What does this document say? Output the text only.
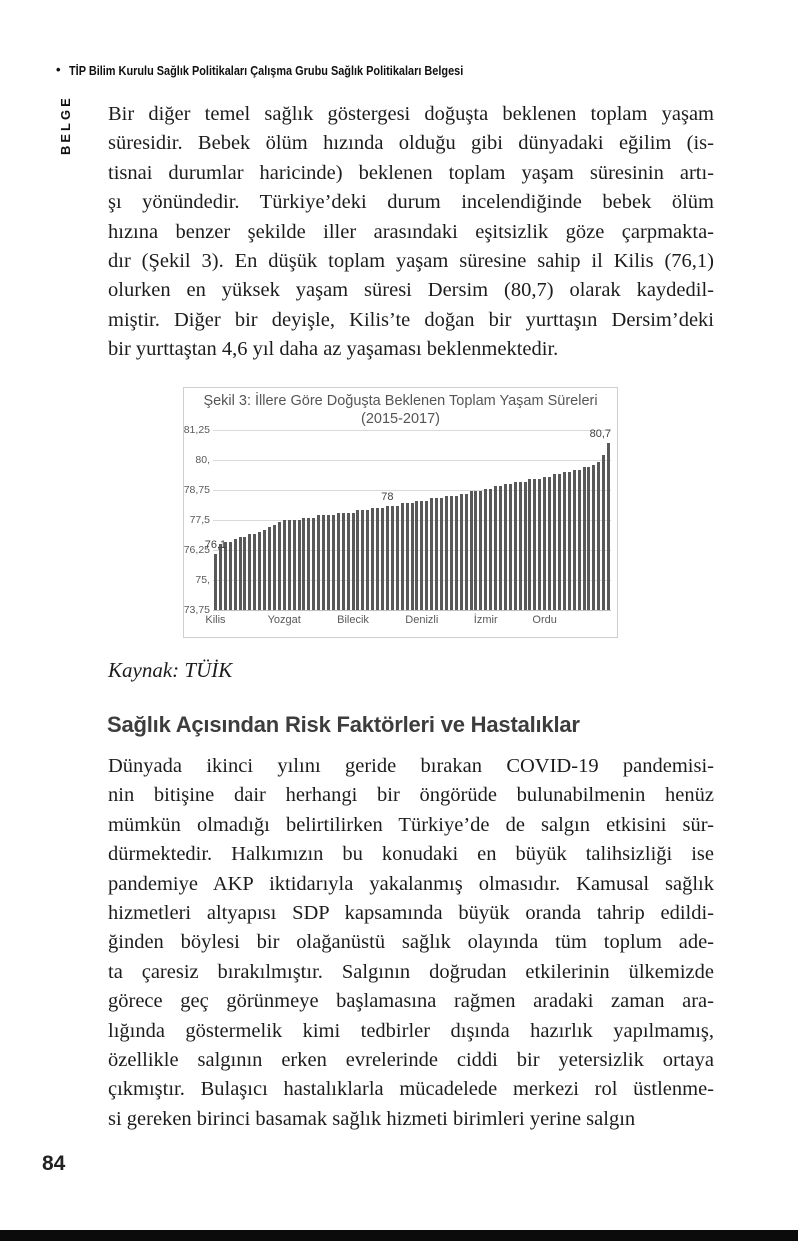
• TİP Bilim Kurulu Sağlık Politikaları Çalışma Grubu Sağlık Politikaları Belgesi
BELGE Bir diğer temel sağlık göstergesi doğuşta beklenen toplam yaşam
süresidir. Bebek ölüm hızında olduğu gibi dünyadaki eğilim (is-
tisnai durumlar haricinde) beklenen toplam yaşam süresinin artı-
şı yönündedir. Türkiye’deki durum incelendiğinde bebek ölüm
hızına benzer şekilde iller arasındaki eşitsizlik göze çarpmakta-
dır (Şekil 3). En düşük toplam yaşam süresine sahip il Kilis (76,1)
olurken en yüksek yaşam süresi Dersim (80,7) olarak kaydedil-
miştir. Diğer bir deyişle, Kilis’te doğan bir yurttaşın Dersim’deki
bir yurttaştan 4,6 yıl daha az yaşaması beklenmektedir.
Şekil 3: İllere Göre Doğuşta Beklenen Toplam Yaşam Süreleri
(2015-2017)
81,25
80,
78,75
77,5
76,25
75,
73,75
Kilis	Yozgat	Bilecik	Denizli	İzmir	Ordu
76,1
78
80,7
Kaynak: TÜİK
Sağlık Açısından Risk Faktörleri ve Hastalıklar
Dünyada ikinci yılını geride bırakan COVID-19 pandemisi-
nin bitişine dair herhangi bir öngörüde bulunabilmenin henüz
mümkün olmadığı belirtilirken Türkiye’de de salgın etkisini sür-
dürmektedir. Halkımızın bu konudaki en büyük talihsizliği ise
pandemiye AKP iktidarıyla yakalanmış olmasıdır. Kamusal sağlık
hizmetleri altyapısı SDP kapsamında büyük oranda tahrip edildi-
ğinden böylesi bir olağanüstü sağlık olayında tüm toplum ade-
ta çaresiz bırakılmıştır. Salgının doğrudan etkilerinin ülkemizde
görece geç görünmeye başlamasına rağmen aradaki zaman ara-
lığında göstermelik kimi tedbirler dışında hazırlık yapılmamış,
özellikle salgının erken evrelerinde ciddi bir yetersizlik ortaya
çıkmıştır. Bulaşıcı hastalıklarla mücadelede merkezi rol üstlenme-
si gereken birinci basamak sağlık hizmeti birimleri yerine salgın
84
